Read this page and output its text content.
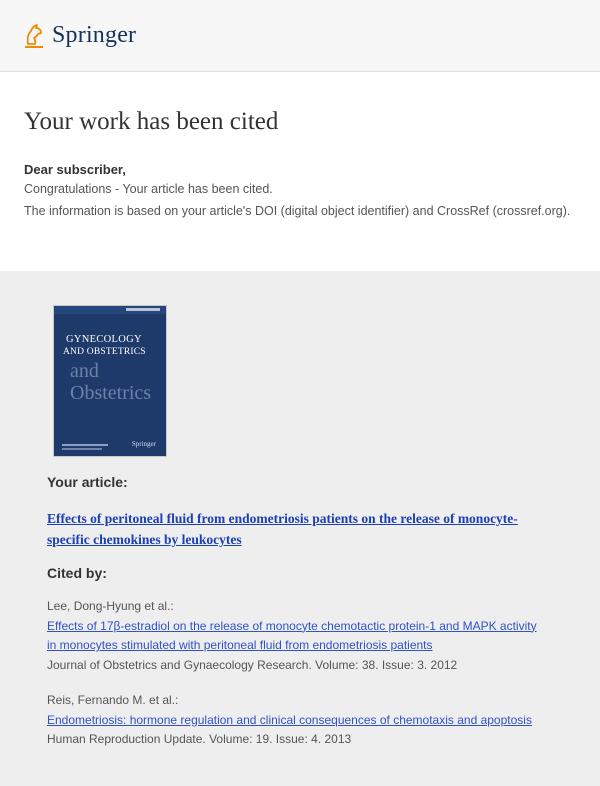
Springer
Your work has been cited
Dear subscriber,
Congratulations - Your article has been cited.
The information is based on your article's DOI (digital object identifier) and CrossRef (crossref.org).
GYNECOLOGY
AND OBSTETRICS
and Obstetrics
Springer
Your article:
Effects of peritoneal fluid from endometriosis patients on the release of monocyte-specific chemokines by leukocytes
Cited by:
Lee, Dong-Hyung et al.:
Effects of 17β-estradiol on the release of monocyte chemotactic protein-1 and MAPK activity in monocytes stimulated with peritoneal fluid from endometriosis patients
Journal of Obstetrics and Gynaecology Research. Volume: 38. Issue: 3. 2012
Reis, Fernando M. et al.:
Endometriosis: hormone regulation and clinical consequences of chemotaxis and apoptosis
Human Reproduction Update. Volume: 19. Issue: 4. 2013
